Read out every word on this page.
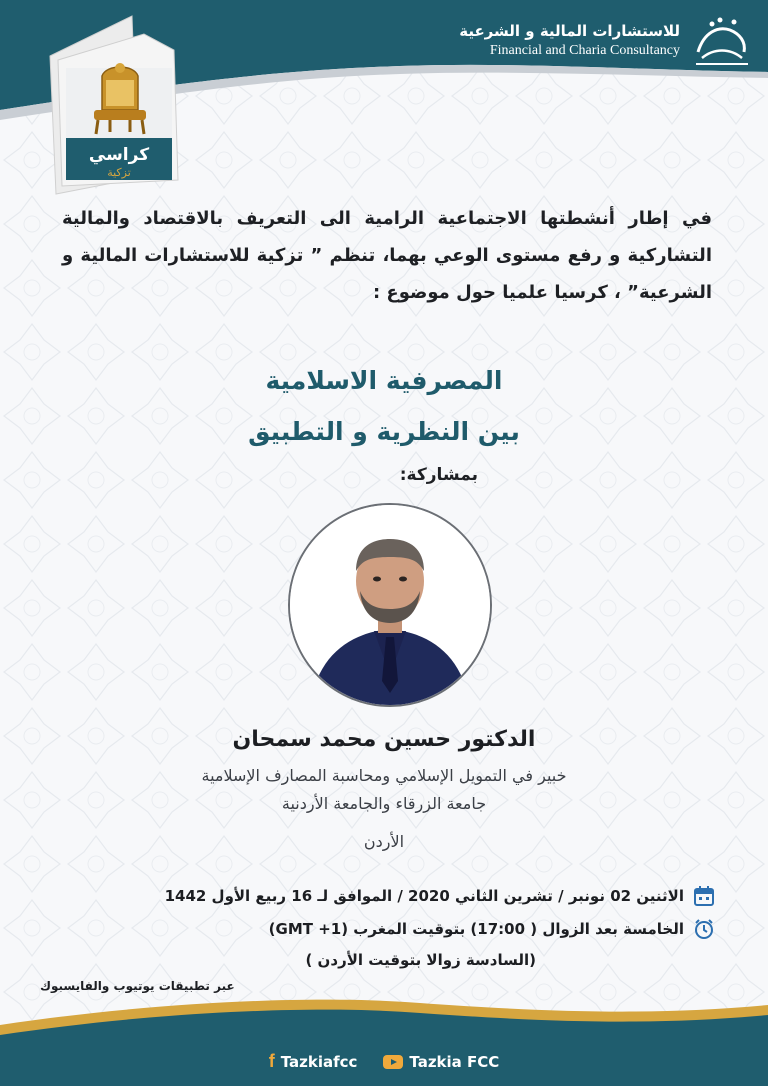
للاستشارات المالية و الشرعية
Financial and Charia Consultancy
كراسي
تزكية
في إطار أنشطتها الاجتماعية الرامية الى التعريف بالاقتصاد والمالية التشاركية و رفع مستوى الوعي بهما، تنظم ” تزكية للاستشارات المالية و الشرعية” ، كرسيا علميا حول موضوع :
المصرفية الاسلامية
بين النظرية و التطبيق
بمشاركة:
الدكتور حسين محمد سمحان
خبير في التمويل الإسلامي ومحاسبة المصارف الإسلامية
جامعة الزرقاء والجامعة الأردنية
الأردن
الاثنين 02 نونبر / تشرين الثاني 2020 / الموافق لـ 16 ربيع الأول 1442
الخامسة بعد الزوال ( 17:00) بتوقيت المغرب (GMT +1)
(السادسة زوالا بتوقيت الأردن )
عبر تطبيقات يوتيوب والفايسبوك
f Tazkiafcc	Tazkia FCC
